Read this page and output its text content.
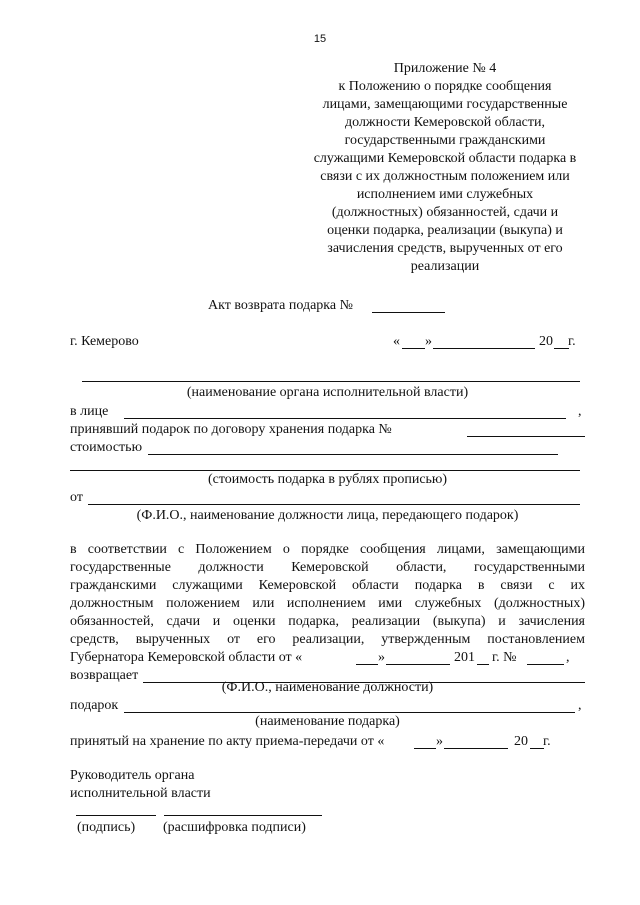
15
Приложение № 4
к Положению о порядке сообщения
лицами, замещающими государственные
должности Кемеровской области,
государственными гражданскими
служащими Кемеровской области подарка в
связи с их должностным положением или
исполнением ими служебных
(должностных) обязанностей, сдачи и
оценки подарка, реализации (выкупа) и
зачисления средств, вырученных от его
реализации
Акт возврата подарка №
г. Кемерово	« »	20 г.
(наименование органа исполнительной власти)
в лице	,
принявший подарок по договору хранения подарка №
стоимостью
(стоимость подарка в рублях прописью)
от
(Ф.И.О., наименование должности лица, передающего подарок)
в соответствии с Положением о порядке сообщения лицами, замещающими
государственные должности Кемеровской области, государственными
гражданскими служащими Кемеровской области подарка в связи с их
должностным положением или исполнением ими служебных (должностных)
обязанностей, сдачи и оценки подарка, реализации (выкупа) и зачисления
средств, вырученных от его реализации, утвержденным постановлением
Губернатора Кемеровской области от «	»	201 г. №	,
возвращает
(Ф.И.О., наименование должности)
подарок	,
(наименование подарка)
принятый на хранение по акту приема-передачи от «	»	20 г.
Руководитель органа
исполнительной власти
(подпись) (расшифровка подписи)
